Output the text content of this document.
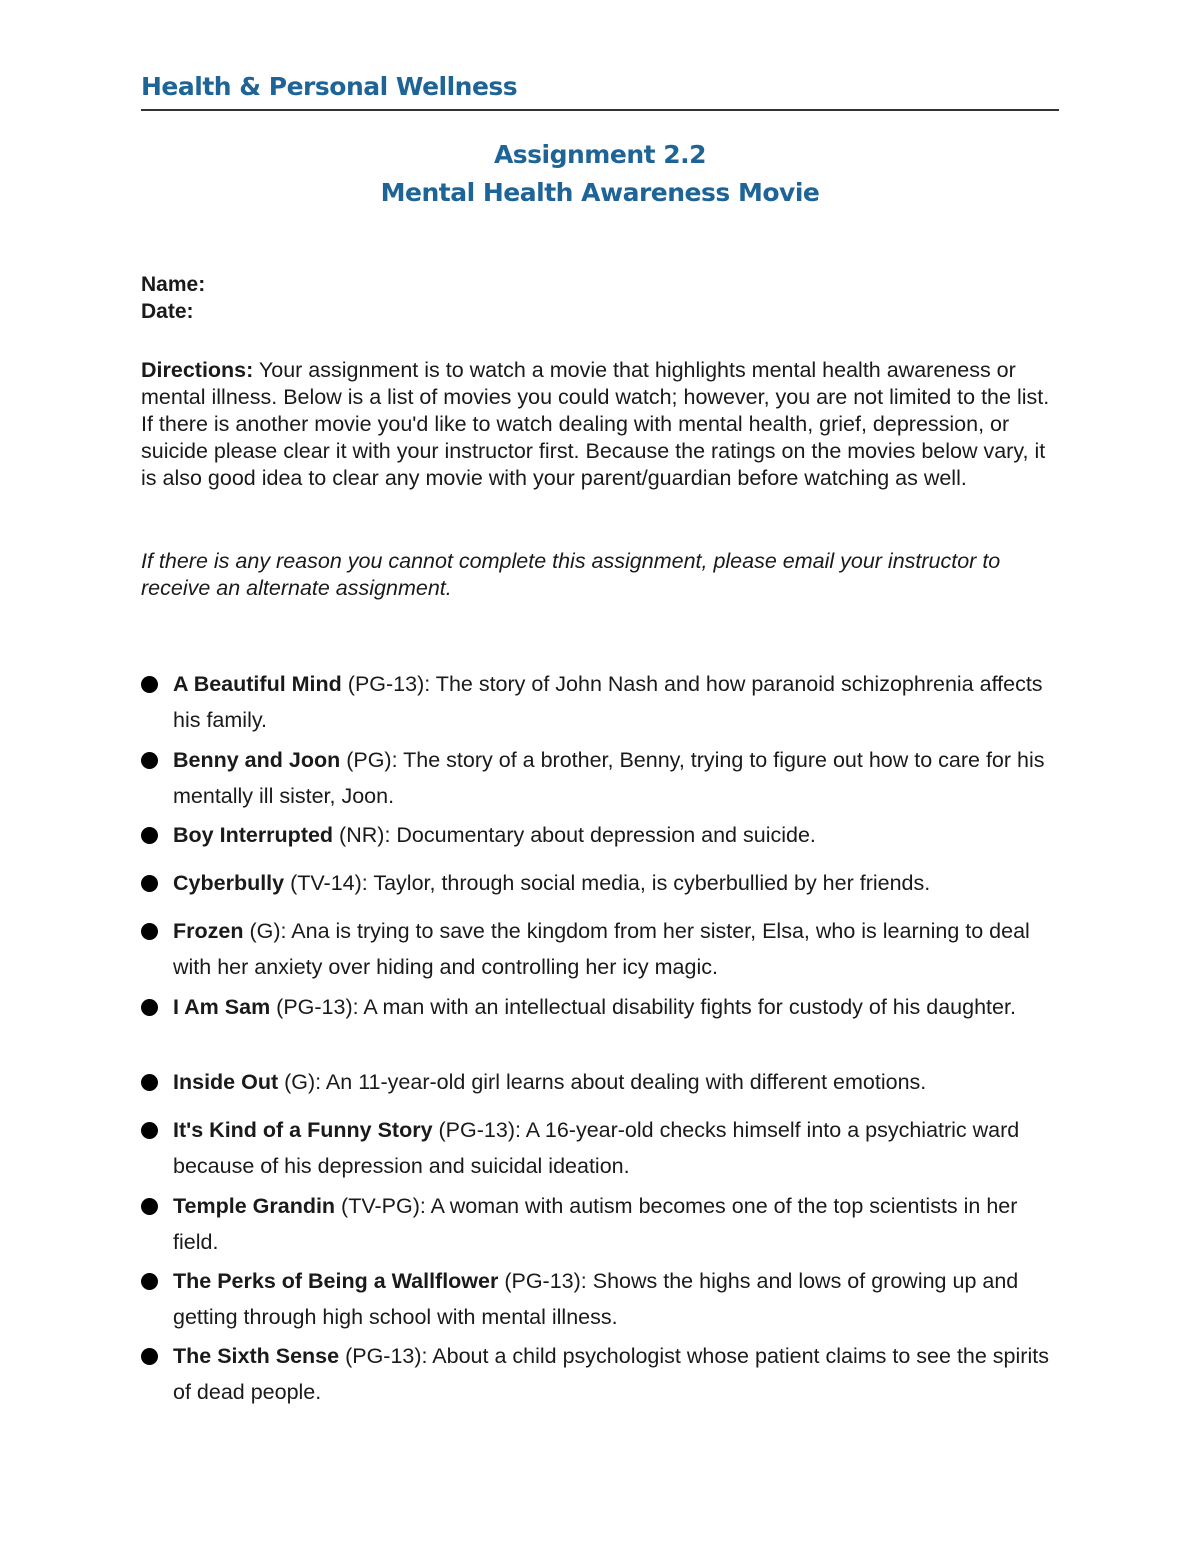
Health & Personal Wellness
Assignment 2.2
Mental Health Awareness Movie
Name:
Date:
Directions: Your assignment is to watch a movie that highlights mental health awareness or mental illness. Below is a list of movies you could watch; however, you are not limited to the list. If there is another movie you'd like to watch dealing with mental health, grief, depression, or suicide please clear it with your instructor first. Because the ratings on the movies below vary, it is also good idea to clear any movie with your parent/guardian before watching as well.
If there is any reason you cannot complete this assignment, please email your instructor to receive an alternate assignment.
A Beautiful Mind (PG-13): The story of John Nash and how paranoid schizophrenia affects his family.
Benny and Joon (PG): The story of a brother, Benny, trying to figure out how to care for his mentally ill sister, Joon.
Boy Interrupted (NR): Documentary about depression and suicide.
Cyberbully (TV-14): Taylor, through social media, is cyberbullied by her friends.
Frozen (G): Ana is trying to save the kingdom from her sister, Elsa, who is learning to deal with her anxiety over hiding and controlling her icy magic.
I Am Sam (PG-13): A man with an intellectual disability fights for custody of his daughter.
Inside Out (G): An 11-year-old girl learns about dealing with different emotions.
It's Kind of a Funny Story (PG-13): A 16-year-old checks himself into a psychiatric ward because of his depression and suicidal ideation.
Temple Grandin (TV-PG): A woman with autism becomes one of the top scientists in her field.
The Perks of Being a Wallflower (PG-13): Shows the highs and lows of growing up and getting through high school with mental illness.
The Sixth Sense (PG-13): About a child psychologist whose patient claims to see the spirits of dead people.
